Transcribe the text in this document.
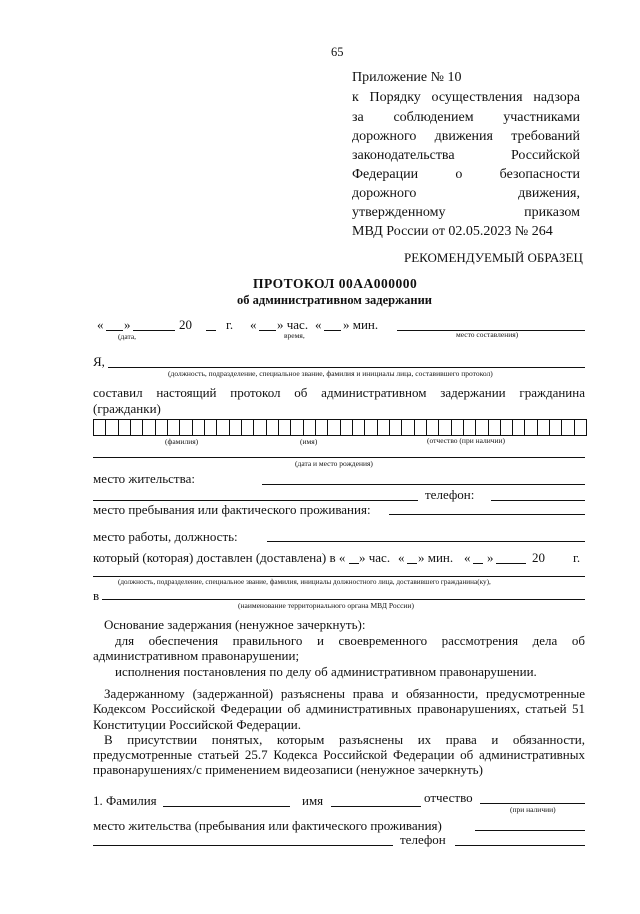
65
Приложение № 10
к Порядку осуществления надзора
за соблюдением участниками
дорожного движения требований
законодательства Российской
Федерации о безопасности
дорожного движения,
утвержденному приказом
МВД России от 02.05.2023 № 264
РЕКОМЕНДУЕМЫЙ ОБРАЗЕЦ
ПРОТОКОЛ 00АА000000
об административном задержании
« »	20	г. « » час. « » мин.
(дата,	время,	место составления)
Я,
(должность, подразделение, специальное звание, фамилия и инициалы лица, составившего протокол)
составил настоящий протокол об административном задержании гражданина
(гражданки)
(фамилия)	(имя)	(отчество (при наличии)
(дата и место рождения)
место жительства:
телефон:
место пребывания или фактического проживания:
место работы, должность:
который (которая) доставлен (доставлена) в « » час. « » мин. « »	20 г.
(должность, подразделение, специальное звание, фамилия, инициалы должностного лица, доставившего гражданина(ку),
в
(наименование территориального органа МВД России)
Основание задержания (ненужное зачеркнуть):
для обеспечения правильного и своевременного рассмотрения дела об
административном правонарушении;
исполнения постановления по делу об административном правонарушении.
Задержанному (задержанной) разъяснены права и обязанности, предусмотренные
Кодексом Российской Федерации об административных правонарушениях, статьей 51
Конституции Российской Федерации.
В присутствии понятых, которым разъяснены их права и обязанности,
предусмотренные статьей 25.7 Кодекса Российской Федерации об административных
правонарушениях/с применением видеозаписи (ненужное зачеркнуть)
1. Фамилия	имя	отчество
(при наличии)
место жительства (пребывания или фактического проживания)
телефон
